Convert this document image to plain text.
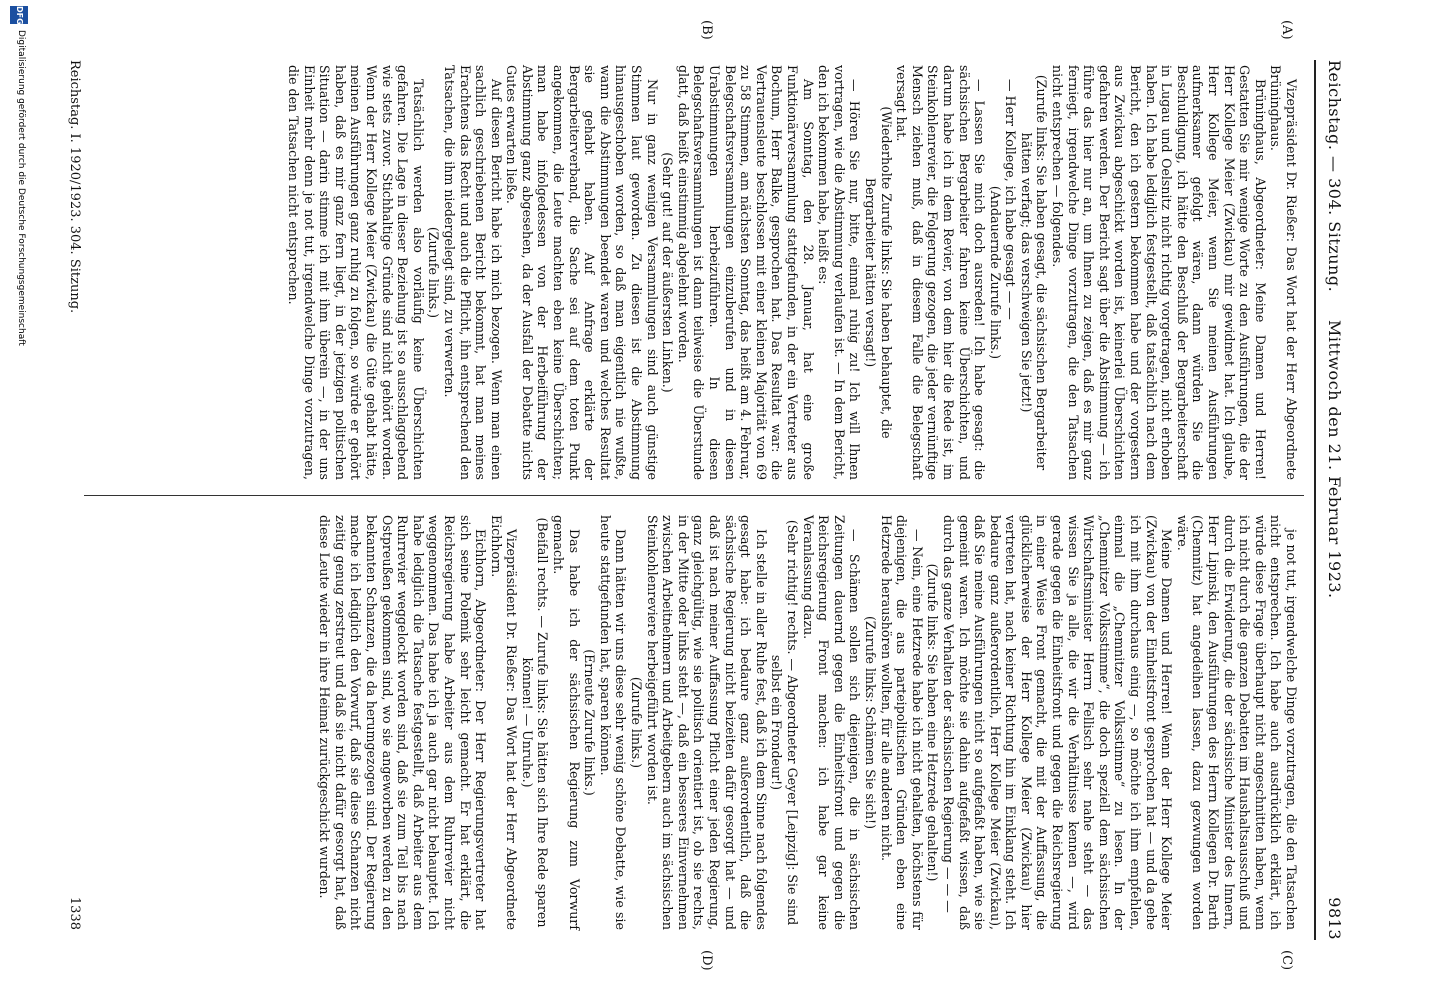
Reichstag. — 304. Sitzung.
Mittwoch den 21. Februar 1923.
9813
(A)
(B)
(C)
(D)

Vizepräsident Dr. Rießer: Das Wort hat der Herr Abgeordnete Brüninghaus.

Brüninghaus, Abgeordneter: Meine Damen und Herren! Gestatten Sie mir wenige Worte zu den Ausführungen, die der Herr Kollege Meier (Zwickau) mir gewidmet hat. Ich glaube, Herr Kollege Meier, wenn Sie meinen Ausführungen aufmerksamer gefolgt wären, dann würden Sie die Beschuldigung, ich hätte den Beschluß der Bergarbeiterschaft in Lugau und Oelsnitz nicht richtig vorgetragen, nicht erhoben haben. Ich habe lediglich festgestellt, daß tatsächlich nach dem Bericht, den ich gestern bekommen habe und der vorgestern aus Zwickau abgeschickt worden ist, keinerlei Überschichten gefahren werden. Der Bericht sagt über die Abstimmung — ich führe das hier nur an, um Ihnen zu zeigen, daß es mir ganz ferniegt, irgendwelche Dinge vorzutragen, die den Tatsachen nicht entsprechen — folgendes.

(Zurufe links: Sie haben gesagt, die sächsischen Bergarbeiter hätten verfagt; das verschweigen Sie jetzt!)

— Herr Kollege, ich habe gesagt — —

(Andauernde Zurufe links.)

— Lassen Sie mich doch ausreden! Ich habe gesagt: die sächsischen Bergarbeiter fahren keine Überschichten, und darum habe ich in dem Revier, von dem hier die Rede ist, im Steinkohlenrevier, die Folgerung gezogen, die jeder vernünftige Mensch ziehen muß, daß in diesem Falle die Belegschaft versagt hat.

(Wiederholte Zurufe links: Sie haben behauptet, die Bergarbeiter hätten versagt!)

— Hören Sie nur, bitte, einmal ruhig zu! Ich will Ihnen vortragen, wie die Abstimmung verlaufen ist. — In dem Bericht, den ich bekommen habe, heißt es:

Am Sonntag, den 28. Januar, hat eine große Funktionärversammlung stattgefunden, in der ein Vertreter aus Bochum, Herr Balke, gesprochen hat. Das Resultat war: die Vertrauensleute beschlossen mit einer kleinen Majorität von 69 zu 58 Stimmen, am nächsten Sonntag, das heißt am 4. Februar, Belegschaftsversammlungen einzuberufen und in diesen Urabstimmungen herbeizuführen. In diesen Belegschaftsversammlungen ist dann teilweise die Überstunde glatt, daß heißt einstimmig abgelehnt worden.

(Sehr gut! auf der äußersten Linken.)

Nur in ganz wenigen Versammlungen sind auch günstige Stimmen laut geworden. Zu diesen ist die Abstimmung hinausgeschoben worden, so daß man eigentlich nie wußte, wann die Abstimmungen beendet waren und welches Resultat sie gehabt haben. Auf Anfrage erklärte der Bergarbeiterverband, die Sache sei auf dem toten Punkt angekommen, die Leute machten eben keine Überschichten; man habe infolgedessen von der Herbeiführung der Abstimmung ganz abgesehen, da der Ausfall der Debatte nichts Gutes erwarten ließe.

Auf diesen Bericht habe ich mich bezogen. Wenn man einen sachlich geschriebenen Bericht bekommt, hat man meines Erachtens das Recht und auch die Pflicht, ihn entsprechend den Tatsachen, die ihm niedergelegt sind, zu verwerten.

(Zurufe links.)

Tatsächlich werden also vorläufig keine Überschichten gefahren. Die Lage in dieser Beziehung ist so ausschlaggebend wie stets zuvor. Stichhaltige Gründe sind nicht gehört worden. Wenn der Herr Kollege Meier (Zwickau) die Güte gehabt hätte, meinen Ausführungen ganz ruhig zu folgen, so würde er gehört haben, daß es mir ganz fern liegt, in der jetzigen politischen Situation — darin stimme ich mit ihm überein —, in der uns Einheit mehr denn je not tut, irgendwelche Dinge vorzutragen, die den Tatsachen nicht entsprechen.

je not tut, irgendwelche Dinge vorzutragen, die den Tatsachen nicht entsprechen. Ich habe auch ausdrücklich erklärt, ich würde diese Frage überhaupt nicht angeschnitten haben, wenn ich nicht durch die ganzen Debatten im Haushaltsausschuß und durch die Erwiderung, die der sächsische Minister des Innern, Herr Lipinski, den Ausführungen des Herrn Kollegen Dr. Barth (Chemnitz) hat angedeihen lassen, dazu gezwungen worden wäre.

Meine Damen und Herren! Wenn der Herr Kollege Meier (Zwickau) von der Einheitsfront gesprochen hat — und da gehe ich mit ihm durchaus einig —, so möchte ich ihm empfehlen, einmal die „Chemnitzer Volksstimme“ zu lesen. In der „Chemnitzer Volksstimme“, die doch speziell dem sächsischen Wirtschaftsminister Herrn Fellisch sehr nahe steht — das wissen Sie ja alle, die wir die Verhältnisse kennen —, wird gerade gegen die Einheitsfront und gegen die Reichsregierung in einer Weise Front gemacht, die mit der Auffassung, die glücklicherweise der Herr Kollege Meier (Zwickau) hier vertreten hat, nach keiner Richtung hin im Einklang steht. Ich bedaure ganz außerordentlich, Herr Kollege Meier (Zwickau), daß Sie meine Ausführungen nicht so aufgefaßt haben, wie sie gemeint waren. Ich möchte sie dahin aufgefaßt wissen, daß durch das ganze Verhalten der sächsischen Regierung — — —

(Zurufe links: Sie haben eine Hetzrede gehalten!)

— Nein, eine Hetzrede habe ich nicht gehalten, höchstens für diejenigen, die aus parteipolitischen Gründen eben eine Hetzrede heraushören wollten, für alle anderen nicht.

(Zurufe links: Schämen Sie sich!)

— Schämen sollen sich diejenigen, die in sächsischen Zeitungen dauernd gegen die Einheitsfront und gegen die Reichsregierung Front machen: ich habe gar keine Veranlassung dazu.

(Sehr richtig! rechts. — Abgeordneter Geyer [Leipzig]: Sie sind selbst ein Frondeur!)

Ich stelle in aller Ruhe fest, daß ich dem Sinne nach folgendes gesagt habe: ich bedaure ganz außerordentlich, daß die sächsische Regierung nicht beizeiten dafür gesorgt hat — und daß ist nach meiner Auffassung Pflicht einer jeden Regierung, ganz gleichgültig, wie sie politisch orientiert ist, ob sie rechts, in der Mitte oder links steht —, daß ein besseres Einvernehmen zwischen Arbeitnehmern und Arbeitgebern auch im sächsischen Steinkohlenreviere herbeigeführt worden ist.

(Zurufe links.)

Dann hätten wir uns diese sehr wenig schöne Debatte, wie sie heute stattgefunden hat, sparen können.

(Erneute Zurufe links.)

Das habe ich der sächsischen Regierung zum Vorwurf gemacht.

(Beifall rechts. — Zurufe links: Sie hätten sich Ihre Rede sparen können! — Unruhe.)

Vizepräsident Dr. Rießer: Das Wort hat der Herr Abgeordnete Eichhorn.

Eichhorn, Abgeordneter: Der Herr Regierungsvertreter hat sich seine Polemik sehr leicht gemacht. Er hat erklärt, die Reichsregierung habe Arbeiter aus dem Ruhrrevier nicht weggenommen. Das habe ich ja auch gar nicht behauptet. Ich habe lediglich die Tatsache festgestellt, daß Arbeiter aus dem Ruhrrevier weggelockt worden sind, daß sie zum Teil bis nach Ostpreußen gekommen sind, wo sie angeworben werden zu den bekannten Schanzen, die da herumgezogen sind. Der Regierung mache ich lediglich den Vorwurf, daß sie diese Schanzen nicht zeitig genug zerstreut und daß sie nicht dafür gesorgt hat, daß diese Leute wieder in ihre Heimat zurückgeschickt wurden.

Reichstag. I. 1920/1923. 304. Sitzung.
1338
DFG
Digitalisierung gefördert durch die Deutsche Forschungsgemeinschaft
